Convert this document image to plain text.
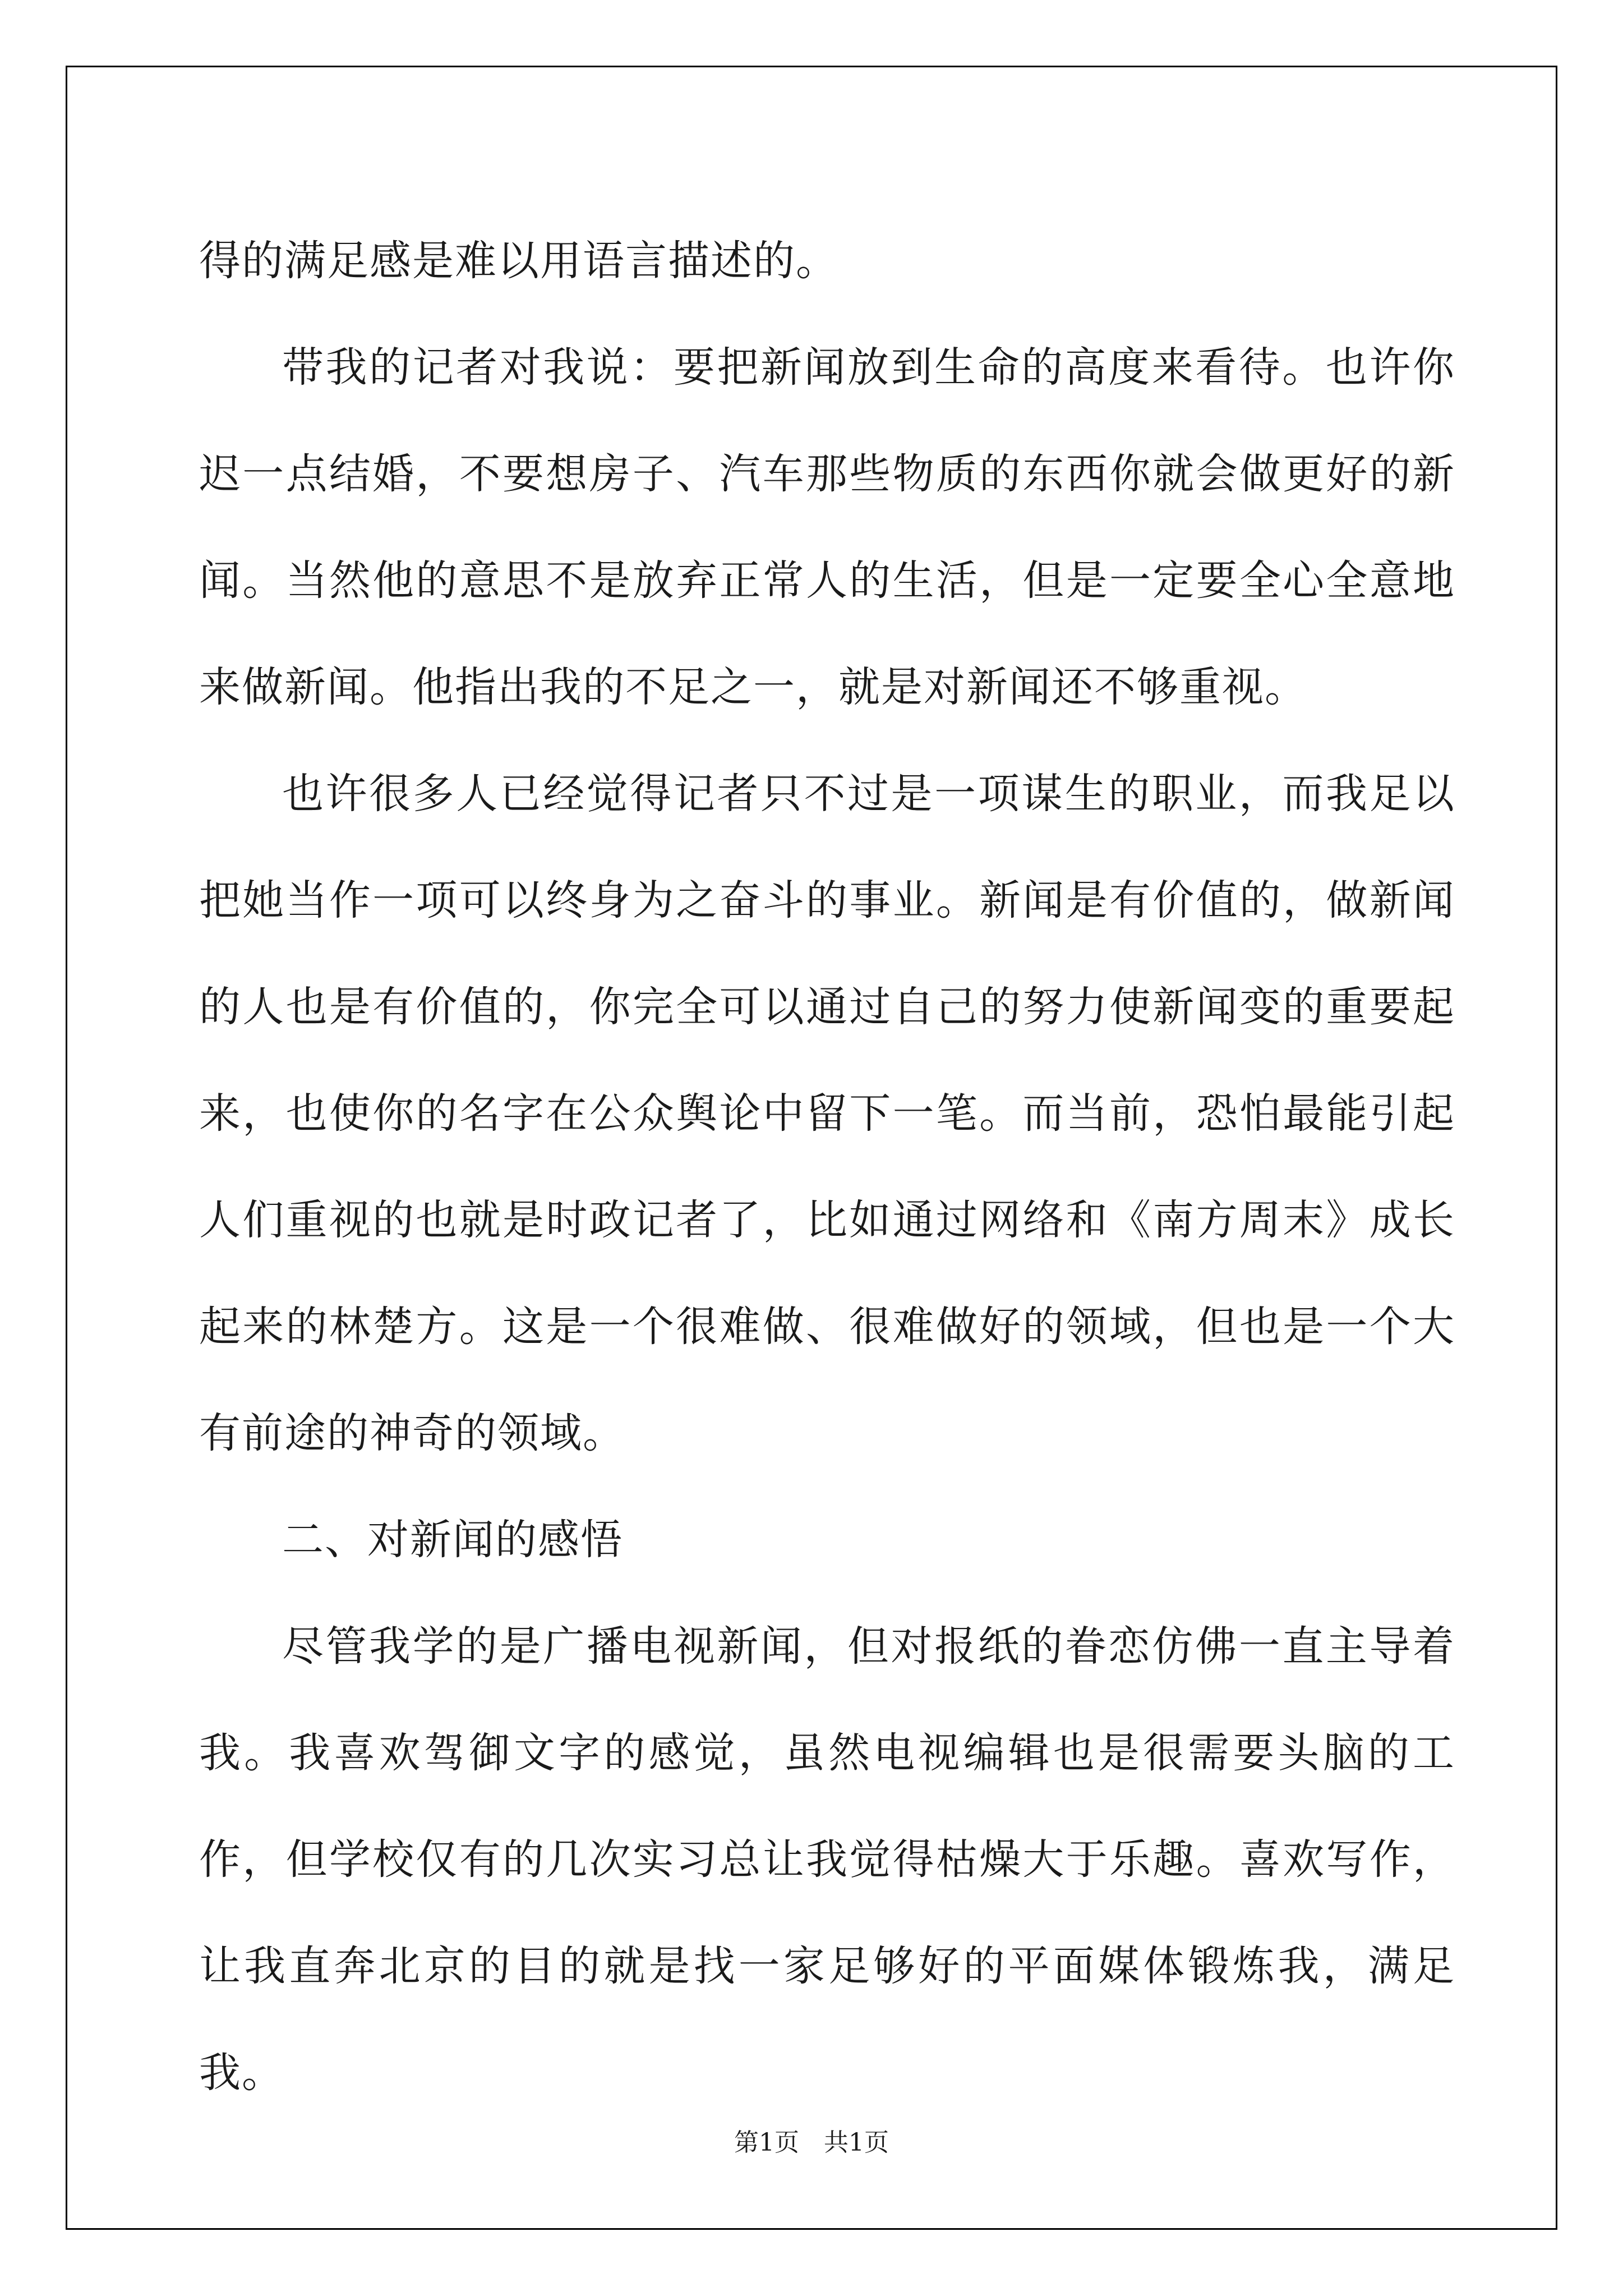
得的满足感是难以用语言描述的。

带我的记者对我说：要把新闻放到生命的高度来看待。也许你迟一点结婚，不要想房子、汽车那些物质的东西你就会做更好的新闻。当然他的意思不是放弃正常人的生活，但是一定要全心全意地来做新闻。他指出我的不足之一，就是对新闻还不够重视。

也许很多人已经觉得记者只不过是一项谋生的职业，而我足以把她当作一项可以终身为之奋斗的事业。新闻是有价值的，做新闻的人也是有价值的，你完全可以通过自己的努力使新闻变的重要起来，也使你的名字在公众舆论中留下一笔。而当前，恐怕最能引起人们重视的也就是时政记者了，比如通过网络和《南方周末》成长起来的林楚方。这是一个很难做、很难做好的领域，但也是一个大有前途的神奇的领域。

二、对新闻的感悟

尽管我学的是广播电视新闻，但对报纸的眷恋仿佛一直主导着我。我喜欢驾御文字的感觉，虽然电视编辑也是很需要头脑的工作，但学校仅有的几次实习总让我觉得枯燥大于乐趣。喜欢写作，让我直奔北京的目的就是找一家足够好的平面媒体锻炼我，满足我。

第1页　共1页
